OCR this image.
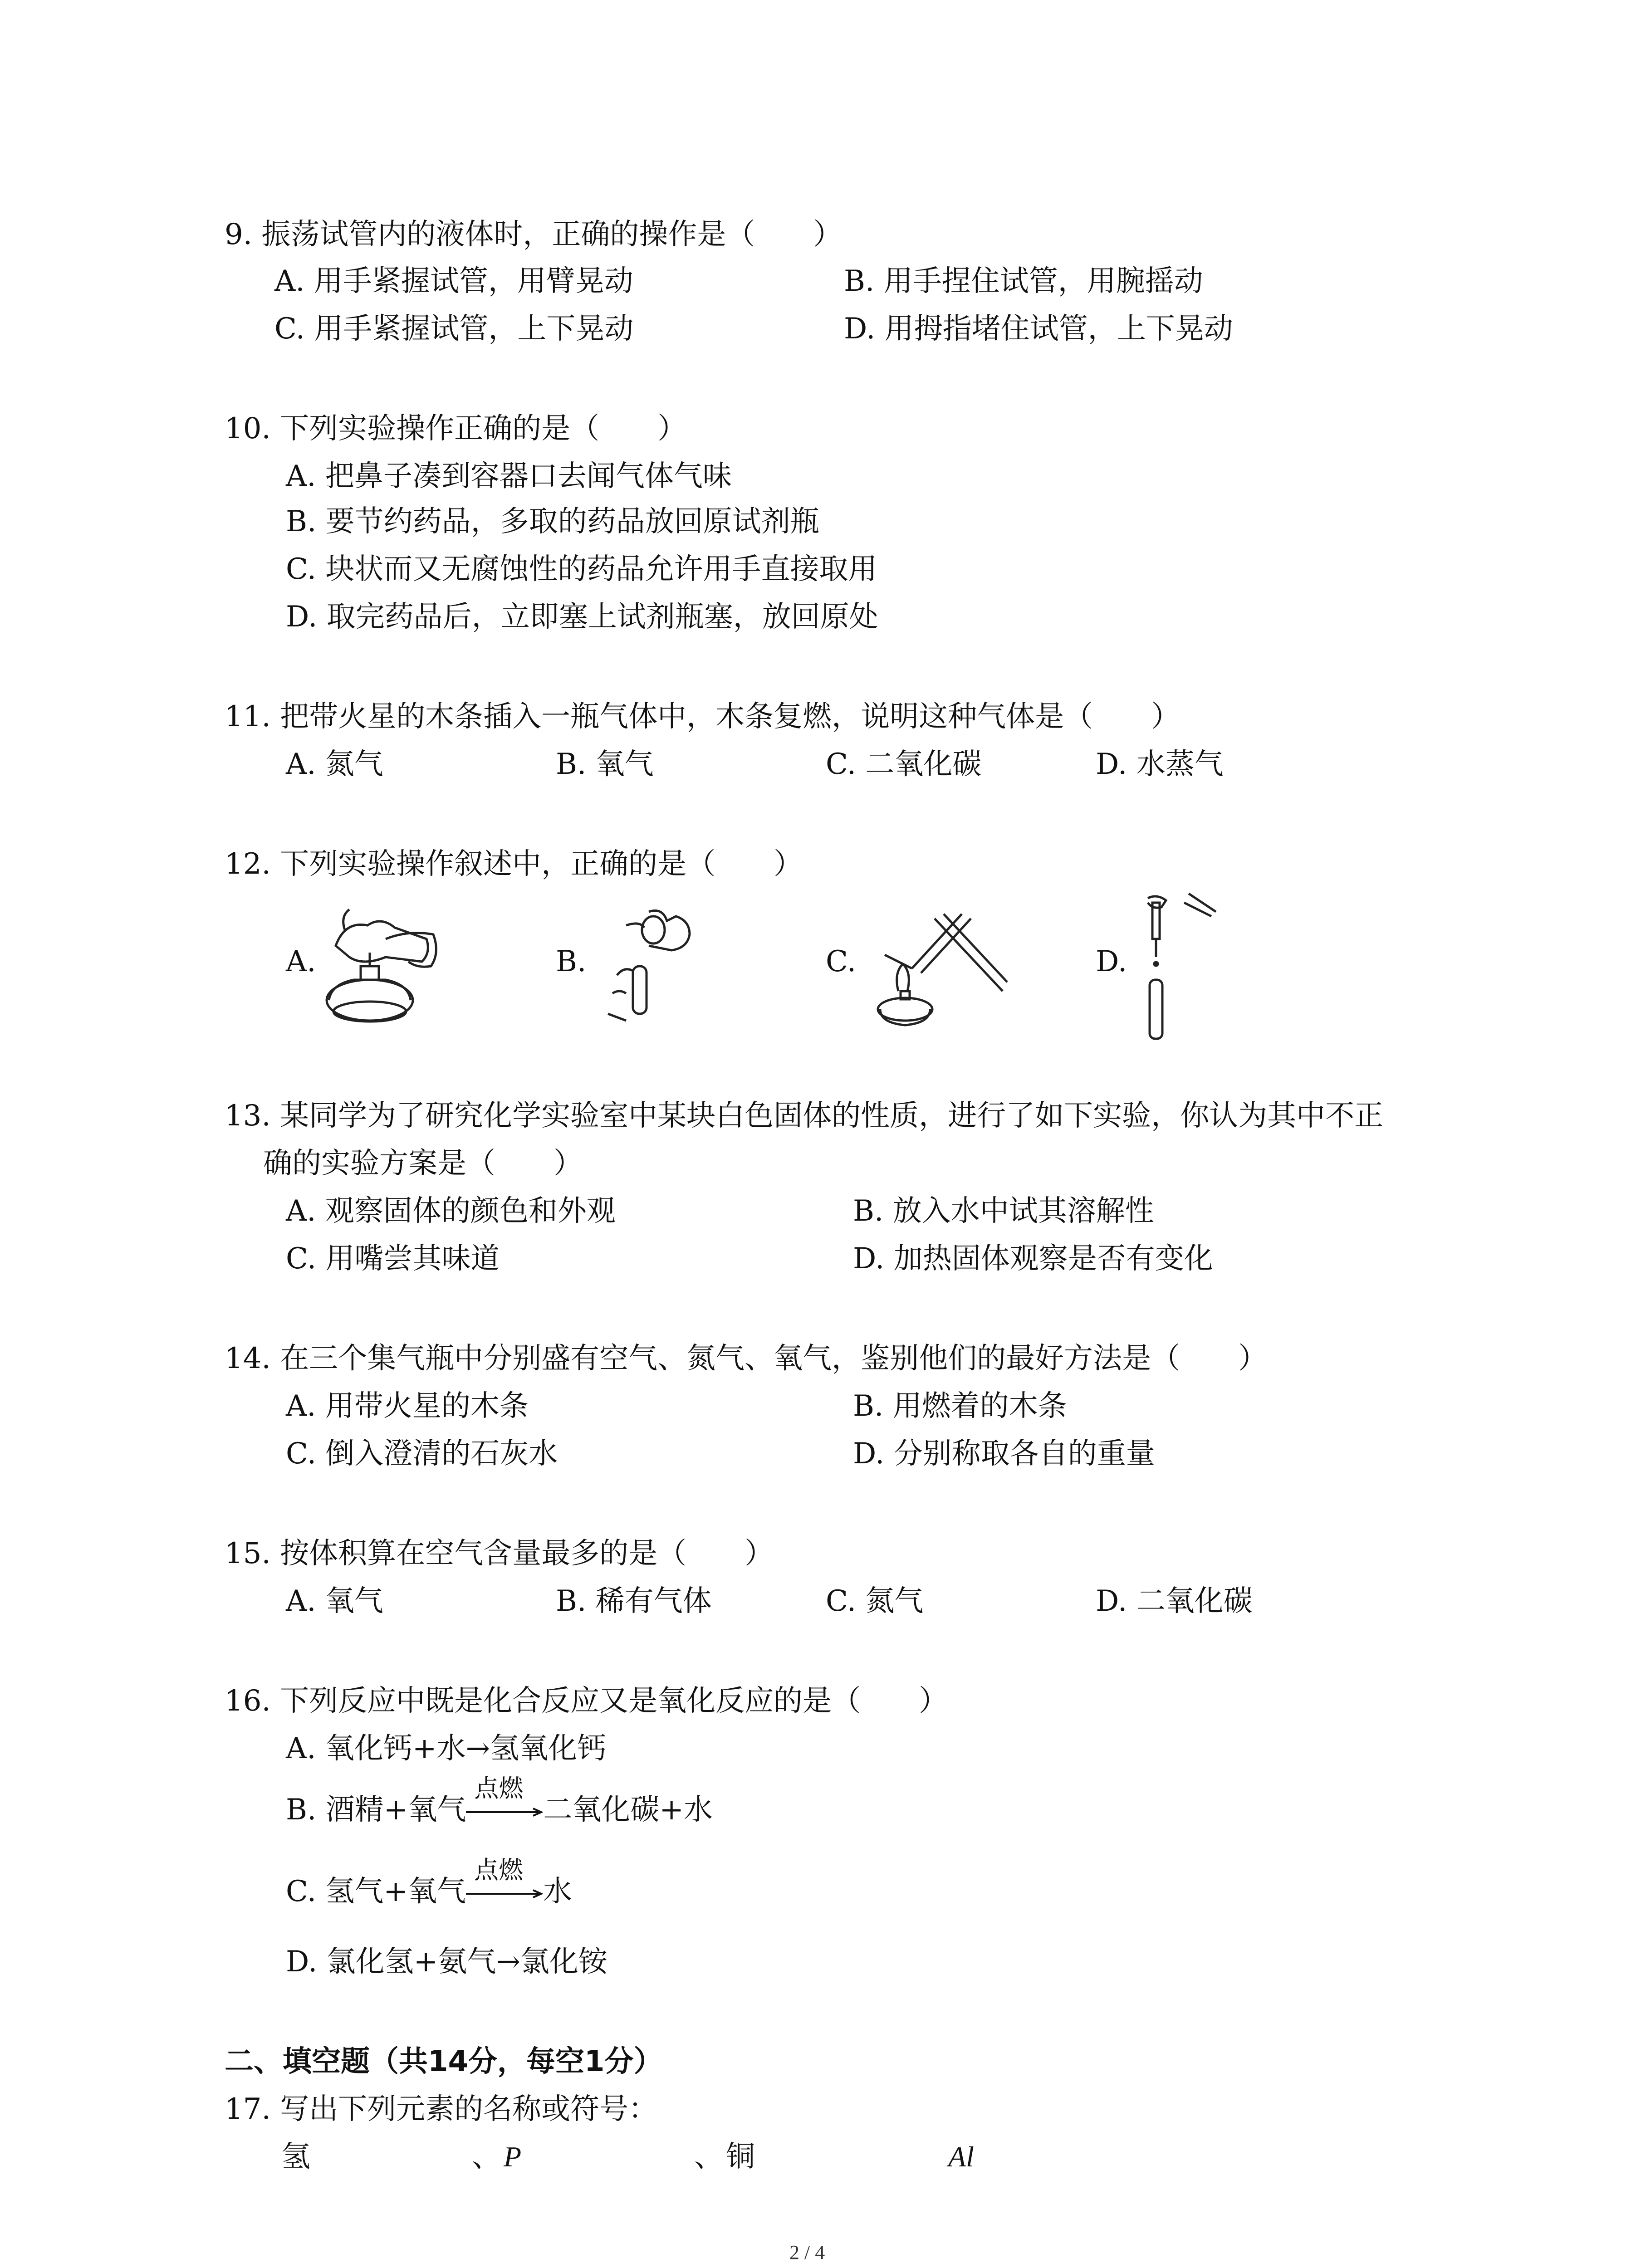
9. 振荡试管内的液体时，正确的操作是（　　）
A. 用手紧握试管，用臂晃动	B. 用手捏住试管，用腕摇动
C. 用手紧握试管，上下晃动	D. 用拇指堵住试管，上下晃动
10. 下列实验操作正确的是（　　）
A. 把鼻子凑到容器口去闻气体气味
B. 要节约药品，多取的药品放回原试剂瓶
C. 块状而又无腐蚀性的药品允许用手直接取用
D. 取完药品后，立即塞上试剂瓶塞，放回原处
11. 把带火星的木条插入一瓶气体中，木条复燃，说明这种气体是（　　）
A. 氮气	B. 氧气	C. 二氧化碳	D. 水蒸气
12. 下列实验操作叙述中，正确的是（　　）
A.	B.	C.	D.
13. 某同学为了研究化学实验室中某块白色固体的性质，进行了如下实验，你认为其中不正
确的实验方案是（　　）
A. 观察固体的颜色和外观	B. 放入水中试其溶解性
C. 用嘴尝其味道	D. 加热固体观察是否有变化
14. 在三个集气瓶中分别盛有空气、氮气、氧气，鉴别他们的最好方法是（　　）
A. 用带火星的木条	B. 用燃着的木条
C. 倒入澄清的石灰水	D. 分别称取各自的重量
15. 按体积算在空气含量最多的是（　　）
A. 氧气	B. 稀有气体	C. 氮气	D. 二氧化碳
16. 下列反应中既是化合反应又是氧化反应的是（　　）
A. 氧化钙+水→氢氧化钙
B. 酒精+氧气
点燃
二氧化碳+水
C. 氢气+氧气
点燃
水
D. 氯化氢+氨气→氯化铵
二、填空题（共14分，每空1分）
17. 写出下列元素的名称或符号：
氢	、 P	、 铜	Al
2 / 4
